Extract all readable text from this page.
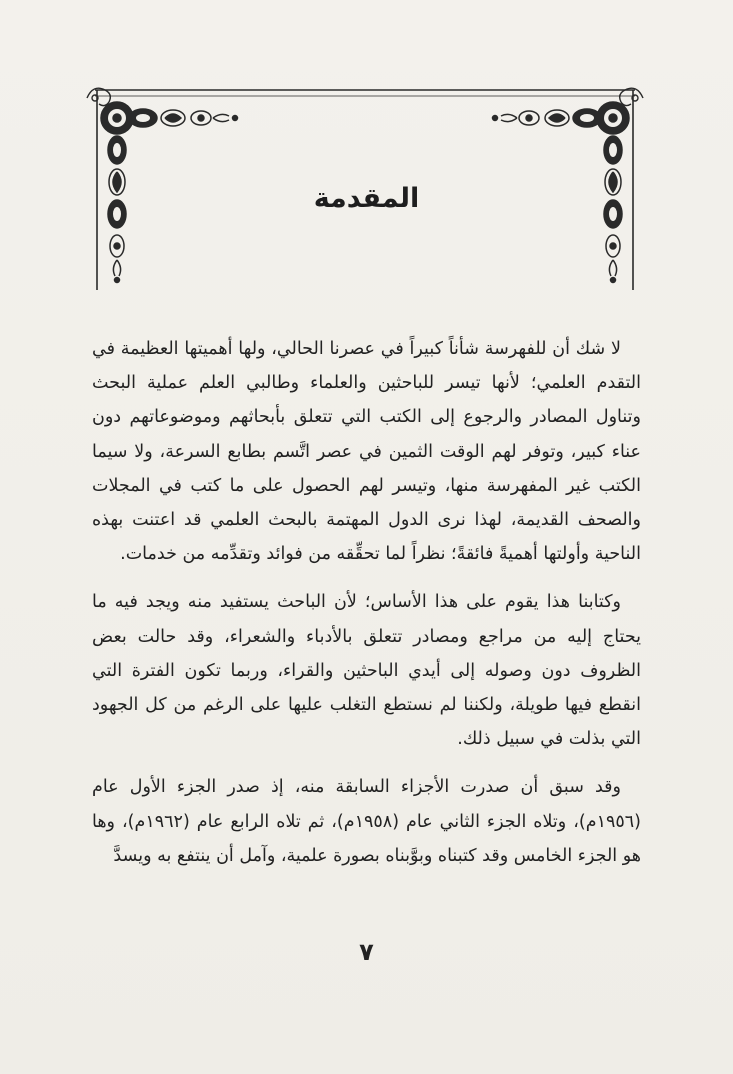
المقدمة

لا شك أن للفهرسة شأناً كبيراً في عصرنا الحالي، ولها أهميتها العظيمة في التقدم العلمي؛ لأنها تيسر للباحثين والعلماء وطالبي العلم عملية البحث وتناول المصادر والرجوع إلى الكتب التي تتعلق بأبحاثهم وموضوعاتهم دون عناء كبير، وتوفر لهم الوقت الثمين في عصر اتَّسم بطابع السرعة، ولا سيما الكتب غير المفهرسة منها، وتيسر لهم الحصول على ما كتب في المجلات والصحف القديمة، لهذا نرى الدول المهتمة بالبحث العلمي قد اعتنت بهذه الناحية وأولتها أهميةً فائقةً؛ نظراً لما تحقِّقه من فوائد وتقدِّمه من خدمات.

وكتابنا هذا يقوم على هذا الأساس؛ لأن الباحث يستفيد منه ويجد فيه ما يحتاج إليه من مراجع ومصادر تتعلق بالأدباء والشعراء، وقد حالت بعض الظروف دون وصوله إلى أيدي الباحثين والقراء، وربما تكون الفترة التي انقطع فيها طويلة، ولكننا لم نستطع التغلب عليها على الرغم من كل الجهود التي بذلت في سبيل ذلك.

وقد سبق أن صدرت الأجزاء السابقة منه، إذ صدر الجزء الأول عام (١٩٥٦م)، وتلاه الجزء الثاني عام (١٩٥٨م)، ثم تلاه الرابع عام (١٩٦٢م)، وها هو الجزء الخامس وقد كتبناه وبوَّبناه بصورة علمية، وآمل أن ينتفع به ويسدَّ

٧
